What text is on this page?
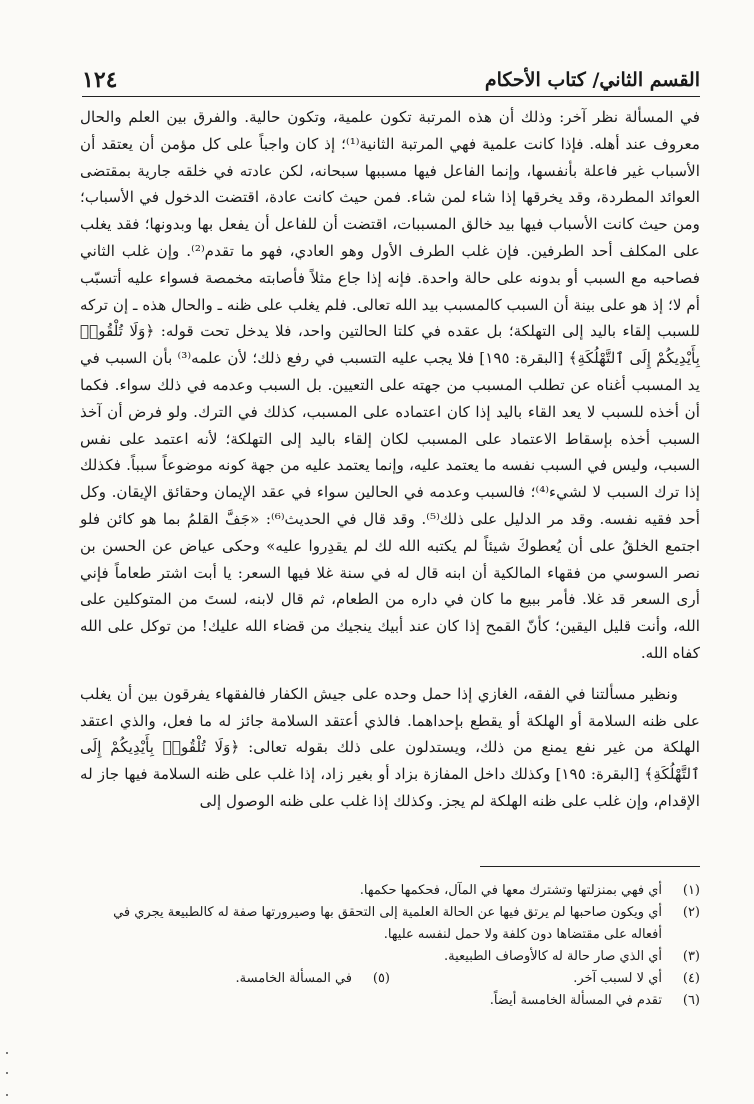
القسم الثاني/ كتاب الأحكام
١٢٤

في المسألة نظر آخر: وذلك أن هذه المرتبة تكون علمية، وتكون حالية. والفرق بين العلم والحال معروف عند أهله. فإذا كانت علمية فهي المرتبة الثانية⁽¹⁾؛ إذ كان واجباً على كل مؤمن أن يعتقد أن الأسباب غير فاعلة بأنفسها، وإنما الفاعل فيها مسببها سبحانه، لكن عادته في خلقه جارية بمقتضى العوائد المطردة، وقد يخرقها إذا شاء لمن شاء. فمن حيث كانت عادة، اقتضت الدخول في الأسباب؛ ومن حيث كانت الأسباب فيها بيد خالق المسببات، اقتضت أن للفاعل أن يفعل بها وبدونها؛ فقد يغلب على المكلف أحد الطرفين. فإن غلب الطرف الأول وهو العادي، فهو ما تقدم⁽²⁾. وإن غلب الثاني فصاحبه مع السبب أو بدونه على حالة واحدة. فإنه إذا جاع مثلاً فأصابته مخمصة فسواء عليه أتسبّب أم لا؛ إذ هو على بينة أن السبب كالمسبب بيد الله تعالى. فلم يغلب على ظنه ـ والحال هذه ـ إن تركه للسبب إلقاء باليد إلى التهلكة؛ بل عقده في كلتا الحالتين واحد، فلا يدخل تحت قوله: ﴿وَلَا تُلْقُوا۟ بِأَيْدِيكُمْ إِلَى ٱلتَّهْلُكَةِ﴾ [البقرة: ١٩٥] فلا يجب عليه التسبب في رفع ذلك؛ لأن علمه⁽³⁾ بأن السبب في يد المسبب أغناه عن تطلب المسبب من جهته على التعيين. بل السبب وعدمه في ذلك سواء. فكما أن أخذه للسبب لا يعد القاء باليد إذا كان اعتماده على المسبب، كذلك في الترك. ولو فرض أن آخذ السبب أخذه بإسقاط الاعتماد على المسبب لكان إلقاء باليد إلى التهلكة؛ لأنه اعتمد على نفس السبب، وليس في السبب نفسه ما يعتمد عليه، وإنما يعتمد عليه من جهة كونه موضوعاً سبباً. فكذلك إذا ترك السبب لا لشيء⁽⁴⁾؛ فالسبب وعدمه في الحالين سواء في عقد الإيمان وحقائق الإيقان. وكل أحد فقيه نفسه. وقد مر الدليل على ذلك⁽⁵⁾. وقد قال في الحديث⁽⁶⁾: «جَفَّ القلمُ بما هو كائن فلو اجتمع الخلقُ على أن يُعطوكَ شيئاً لم يكتبه الله لك لم يقدِروا عليه» وحكى عياض عن الحسن بن نصر السوسي من فقهاء المالكية أن ابنه قال له في سنة غلا فيها السعر: يا أبت اشتر طعاماً فإني أرى السعر قد غلا. فأمر ببيع ما كان في داره من الطعام، ثم قال لابنه، لستَ من المتوكلين على الله، وأنت قليل اليقين؛ كأنّ القمح إذا كان عند أبيك ينجيك من قضاء الله عليك! من توكل على الله كفاه الله.

ونظير مسألتنا في الفقه، الغازي إذا حمل وحده على جيش الكفار فالفقهاء يفرقون بين أن يغلب على ظنه السلامة أو الهلكة أو يقطع بإحداهما. فالذي أعتقد السلامة جائز له ما فعل، والذي اعتقد الهلكة من غير نفع يمنع من ذلك، ويستدلون على ذلك بقوله تعالى: ﴿وَلَا تُلْقُوا۟ بِأَيْدِيكُمْ إِلَى ٱلتَّهْلُكَةِ﴾ [البقرة: ١٩٥] وكذلك داخل المفازة بزاد أو بغير زاد، إذا غلب على ظنه السلامة فيها جاز له الإقدام، وإن غلب على ظنه الهلكة لم يجز. وكذلك إذا غلب على ظنه الوصول إلى

(١)
أي فهي بمنزلتها وتشترك معها في المآل، فحكمها حكمها.
(٢)
أي ويكون صاحبها لم يرتق فيها عن الحالة العلمية إلى التحقق بها وصيرورتها صفة له كالطبيعة يجري في أفعاله على مقتضاها دون كلفة ولا حمل لنفسه عليها.
(٣)
أي الذي صار حالة له كالأوصاف الطبيعية.
(٤)
أي لا لسبب آخر.
(٥)
في المسألة الخامسة.
(٦)
تقدم في المسألة الخامسة أيضاً.
